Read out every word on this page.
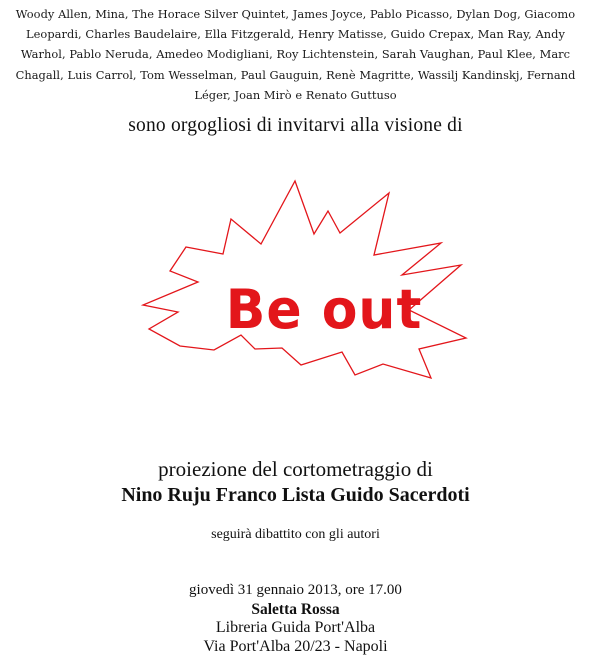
Woody Allen, Mina, The Horace Silver Quintet, James Joyce, Pablo Picasso, Dylan Dog, Giacomo Leopardi, Charles Baudelaire, Ella Fitzgerald, Henry Matisse, Guido Crepax, Man Ray, Andy Warhol, Pablo Neruda, Amedeo Modigliani, Roy Lichtenstein, Sarah Vaughan, Paul Klee, Marc Chagall, Luis Carrol, Tom Wesselman, Paul Gauguin, Renè Magritte, Wassilj Kandinskj, Fernand Léger, Joan Mirò e Renato Guttuso
sono orgogliosi di invitarvi alla visione di
Be out
proiezione del cortometraggio di
Nino Ruju Franco Lista Guido Sacerdoti
seguirà dibattito con gli autori
giovedì 31 gennaio 2013, ore 17.00
Saletta Rossa
Libreria Guida Port'Alba
Via Port'Alba 20/23 - Napoli
